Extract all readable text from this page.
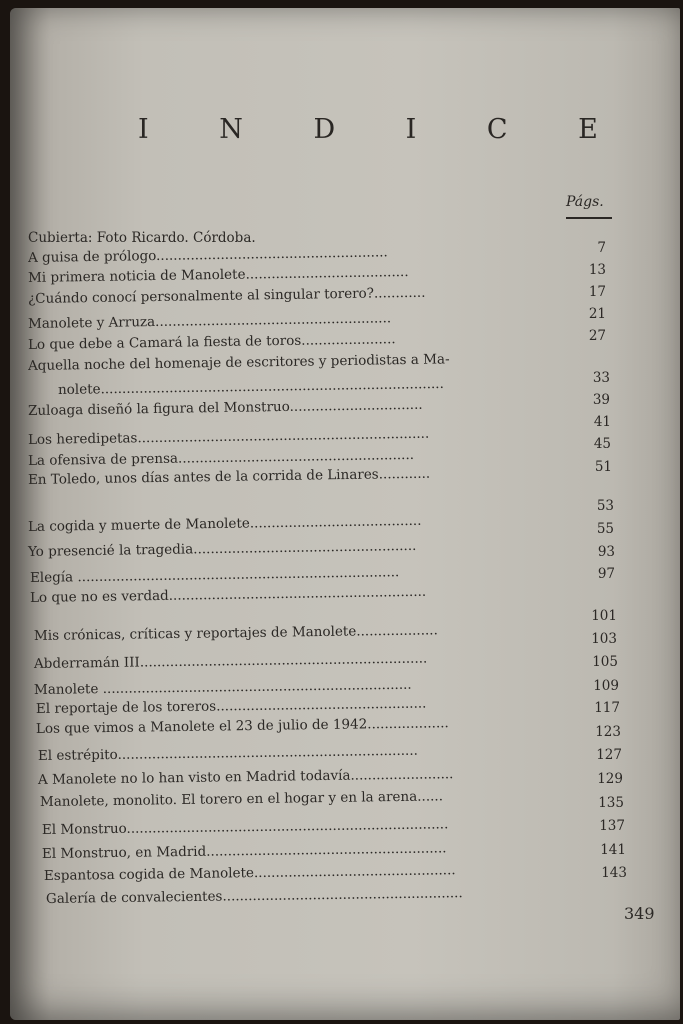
I N D I C E
Págs.
Cubierta: Foto Ricardo. Córdoba.
A guisa de prólogo......................................................
Mi primera noticia de Manolete......................................
¿Cuándo conocí personalmente al singular torero?............
Manolete y Arruza.......................................................
Lo que debe a Camará la fiesta de toros......................
Aquella noche del homenaje de escritores y periodistas a Ma-
nolete................................................................................
Zuloaga diseñó la figura del Monstruo...............................
Los heredipetas....................................................................
La ofensiva de prensa.......................................................
En Toledo, unos días antes de la corrida de Linares............
La cogida y muerte de Manolete........................................
Yo presencié la tragedia....................................................
Elegía ...........................................................................
Lo que no es verdad............................................................
Mis crónicas, críticas y reportajes de Manolete...................
Abderramán III...................................................................
Manolete ........................................................................
El reportaje de los toreros.................................................
Los que vimos a Manolete el 23 de julio de 1942...................
El estrépito......................................................................
A Manolete no lo han visto en Madrid todavía........................
Manolete, monolito. El torero en el hogar y en la arena......
El Monstruo...........................................................................
El Monstruo, en Madrid........................................................
Espantosa cogida de Manolete...............................................
Galería de convalecientes........................................................
7
13
17
21
27
33
39
41
45
51
53
55
93
97
101
103
105
109
117
123
127
129
135
137
141
143
349
